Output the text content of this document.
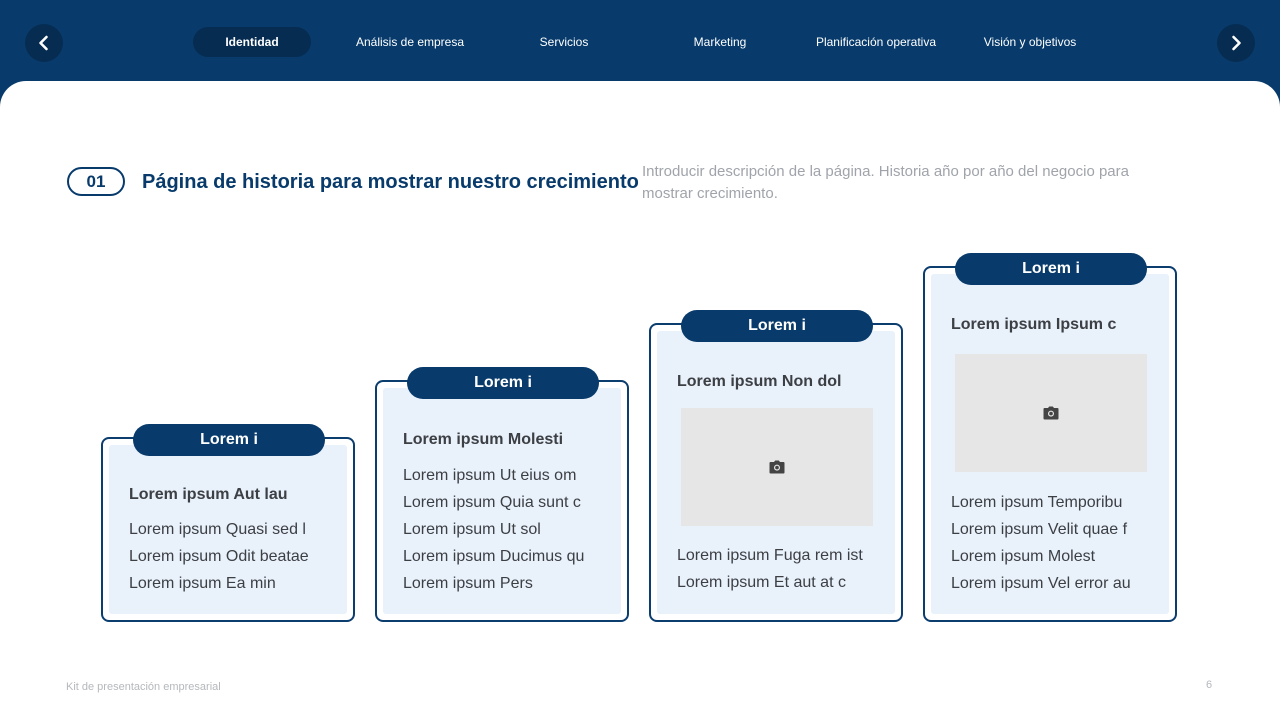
Identidad	Análisis de empresa	Servicios	Marketing	Planificación operativa	Visión y objetivos
01	Página de historia para mostrar nuestro crecimiento Introducir descripción de la página. Historia año por año del negocio para mostrar crecimiento.
Lorem i
Lorem ipsum Aut lau
Lorem ipsum Quasi sed l
Lorem ipsum Odit beatae
Lorem ipsum Ea min
Lorem i
Lorem ipsum Molesti
Lorem ipsum Ut eius om
Lorem ipsum Quia sunt c
Lorem ipsum Ut sol
Lorem ipsum Ducimus qu
Lorem ipsum Pers
Lorem i
Lorem ipsum Non dol
Lorem ipsum Fuga rem ist
Lorem ipsum Et aut at c
Lorem i
Lorem ipsum Ipsum c
Lorem ipsum Temporibu
Lorem ipsum Velit quae f
Lorem ipsum Molest
Lorem ipsum Vel error au
Kit de presentación empresarial	6
